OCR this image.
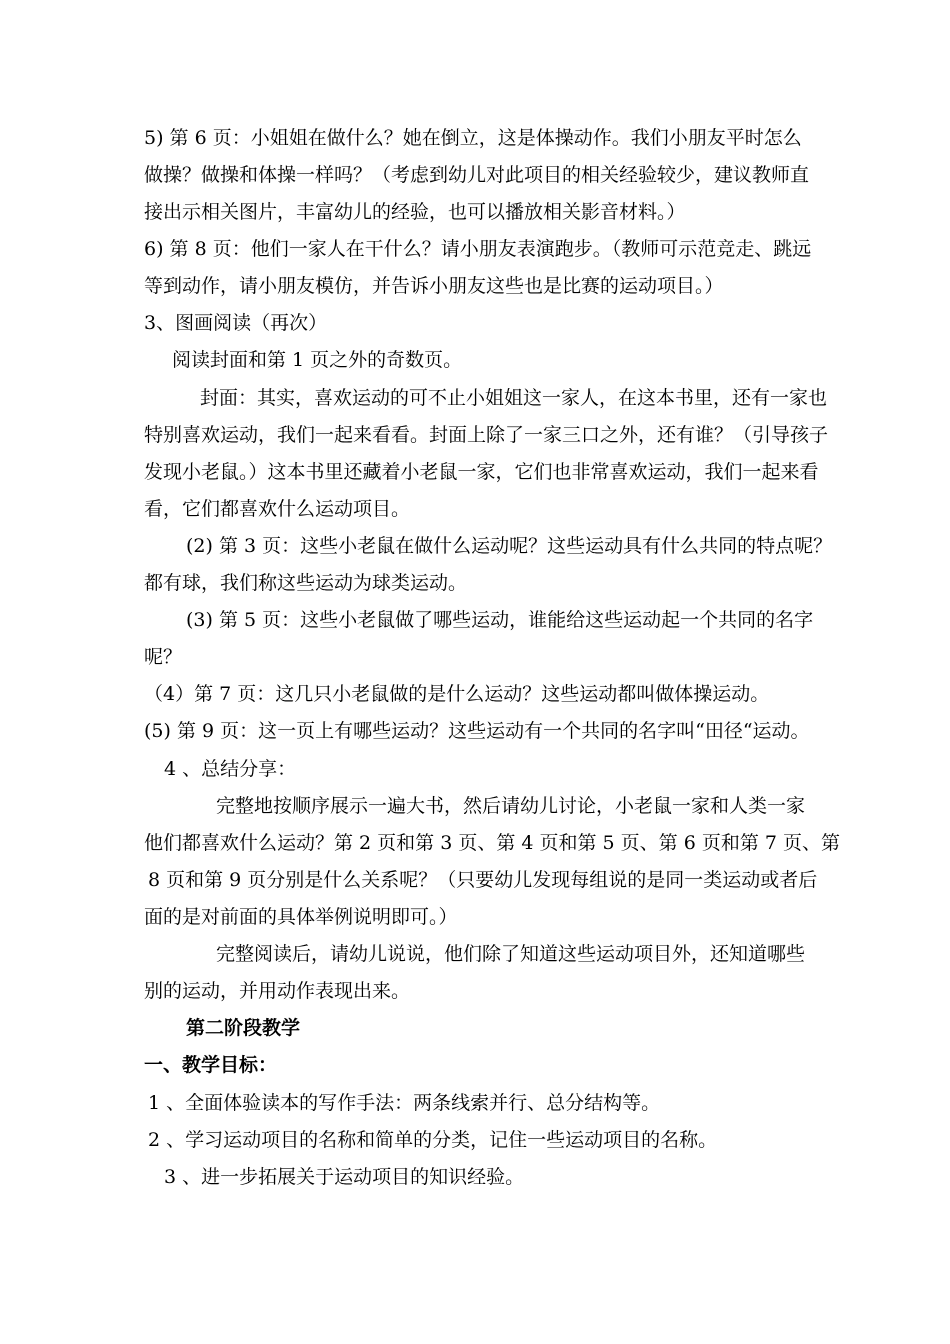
5) 第 6 页：小姐姐在做什么？她在倒立，这是体操动作。我们小朋友平时怎么
做操？做操和体操一样吗？（考虑到幼儿对此项目的相关经验较少，建议教师直
接出示相关图片，丰富幼儿的经验，也可以播放相关影音材料。）
6) 第 8 页：他们一家人在干什么？请小朋友表演跑步。（教师可示范竞走、跳远
等到动作，请小朋友模仿，并告诉小朋友这些也是比赛的运动项目。）
3、图画阅读（再次）
阅读封面和第 1 页之外的奇数页。
封面：其实，喜欢运动的可不止小姐姐这一家人，在这本书里，还有一家也
特别喜欢运动，我们一起来看看。封面上除了一家三口之外，还有谁？（引导孩子
发现小老鼠。）这本书里还藏着小老鼠一家，它们也非常喜欢运动，我们一起来看
看，它们都喜欢什么运动项目。
(2) 第 3 页：这些小老鼠在做什么运动呢？这些运动具有什么共同的特点呢？
都有球，我们称这些运动为球类运动。
(3) 第 5 页：这些小老鼠做了哪些运动，谁能给这些运动起一个共同的名字
呢？
（4）第 7 页：这几只小老鼠做的是什么运动？这些运动都叫做体操运动。
(5) 第 9 页：这一页上有哪些运动？这些运动有一个共同的名字叫“田径“运动。
4 、总结分享：
完整地按顺序展示一遍大书，然后请幼儿讨论，小老鼠一家和人类一家
他们都喜欢什么运动？第 2 页和第 3 页、第 4 页和第 5 页、第 6 页和第 7 页、第
8 页和第 9 页分别是什么关系呢？（只要幼儿发现每组说的是同一类运动或者后
面的是对前面的具体举例说明即可。）
完整阅读后，请幼儿说说，他们除了知道这些运动项目外，还知道哪些
别的运动，并用动作表现出来。
第二阶段教学
一、教学目标：
1 、全面体验读本的写作手法：两条线索并行、总分结构等。
2 、学习运动项目的名称和简单的分类，记住一些运动项目的名称。
3 、进一步拓展关于运动项目的知识经验。
